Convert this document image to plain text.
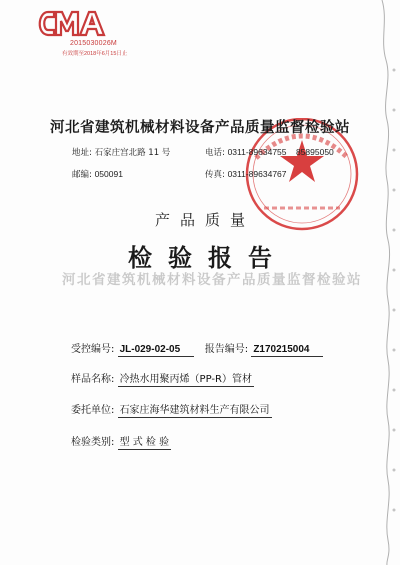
2015030026M
有效期至2018年6月15日止
河北省建筑机械材料设备产品质量监督检验站
地址: 石家庄宫北路 11 号	电话: 0311-89634755    85895050
邮编: 050091	传真: 0311-89634767
产品质量
检验报告
河北省建筑机械材料设备产品质量监督检验站
受控编号: JL-029-02-05 报告编号: Z170215004
样品名称: 冷热水用聚丙烯（PP-R）管材
委托单位: 石家庄海华建筑材料生产有限公司
检验类别: 型 式 检 验
